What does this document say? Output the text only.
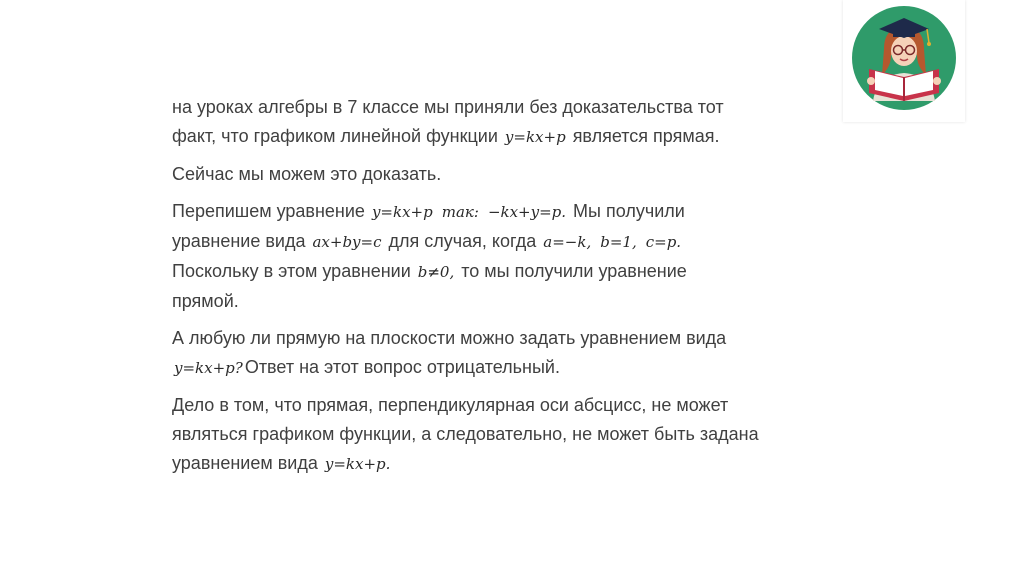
на уроках алгебры в 7 классе мы приняли без доказательства тот
факт, что графиком линейной функции y=kx+p является прямая.

Сейчас мы можем это доказать.

Перепишем уравнение y=kx+p так: −kx+y=p. Мы получили
уравнение вида ax+by=c для случая, когда a=−k, b=1, c=p.
Поскольку в этом уравнении b≠0, то мы получили уравнение
прямой.

А любую ли прямую на плоскости можно задать уравнением вида
y=kx+p? Ответ на этот вопрос отрицательный.

Дело в том, что прямая, перпендикулярная оси абсцисс, не может
являться графиком функции, а следовательно, не может быть задана
уравнением вида y=kx+p.
